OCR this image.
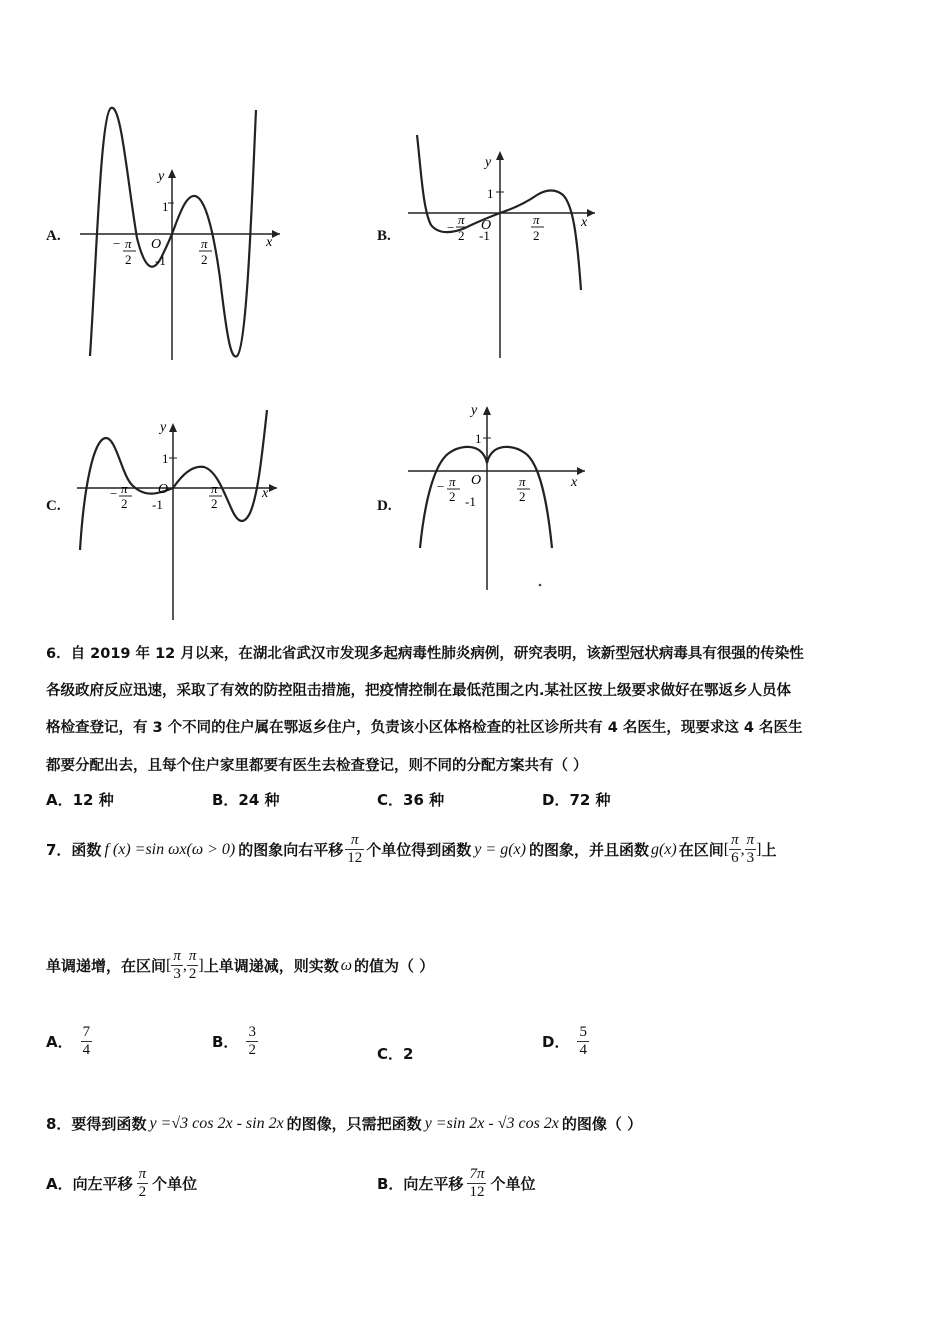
A.
1
-1
y
x
O
− π
2
π
2
B.
1
-1
y
x
O
−
π
2
π
2
C.
1
-1
y
x
O
− π
2
π
2	D.
1
-1
y
x
O
− π
2
π
2
6．自 2019 年 12 月以来，在湖北省武汉市发现多起病毒性肺炎病例，研究表明，该新型冠状病毒具有很强的传染性
各级政府反应迅速，采取了有效的防控阻击措施，把疫情控制在最低范围之内.某社区按上级要求做好在鄂返乡人员体
格检查登记，有 3 个不同的住户属在鄂返乡住户，负责该小区体格检查的社区诊所共有 4 名医生，现要求这 4 名医生
都要分配出去，且每个住户家里都要有医生去检查登记，则不同的分配方案共有（ ）
A．12 种	B．24 种	C．36 种	D．72 种
7．函数 f (x) =sin ωx(ω > 0) 的图象向右平移 $\frac{\pi}{12}$ 个单位得到函数 y = g(x) 的图象，并且函数 g(x) 在区间 [ $\frac{\pi}{6}$ , $\frac{\pi}{3}$ ] 上
单调递增，在区间 [ $\frac{\pi}{3}$ , $\frac{\pi}{2}$ ] 上单调递减，则实数 ω 的值为（ ）
A． $\frac{7}{4}$	B． $\frac{3}{2}$	C．2
D． $\frac{5}{4}$
8．要得到函数 y =√3 cos 2x - sin 2x 的图像，只需把函数 y =sin 2x - √3 cos 2x 的图像（ ）
A．向左平移 $\frac{\pi}{2}$ 个单位	B．向左平移 $\frac{7\pi}{12}$ 个单位
